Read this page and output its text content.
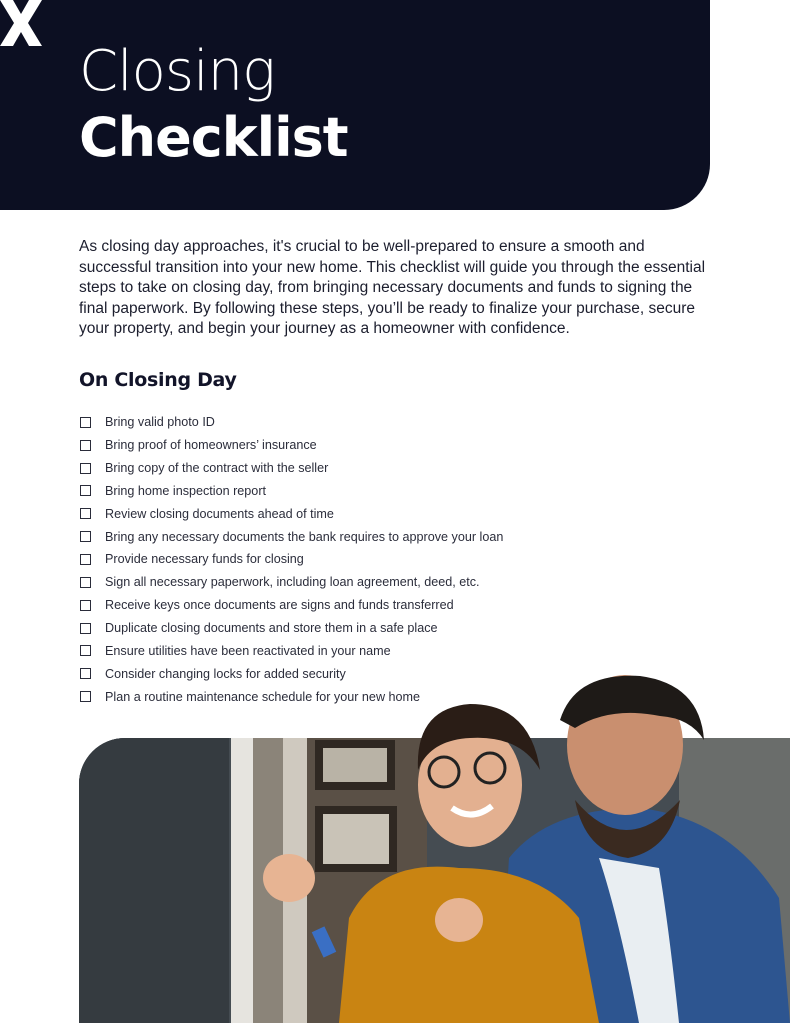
Closing
Checklist

As closing day approaches, it's crucial to be well-prepared to ensure a smooth and successful transition into your new home. This checklist will guide you through the essential steps to take on closing day, from bringing necessary documents and funds to signing the final paperwork. By following these steps, you’ll be ready to finalize your purchase, secure your property, and begin your journey as a homeowner with confidence.

On Closing Day
Bring valid photo ID
Bring proof of homeowners’ insurance
Bring copy of the contract with the seller
Bring home inspection report
Review closing documents ahead of time
Bring any necessary documents the bank requires to approve your loan
Provide necessary funds for closing
Sign all necessary paperwork, including loan agreement, deed, etc.
Receive keys once documents are signs and funds transferred
Duplicate closing documents and store them in a safe place
Ensure utilities have been reactivated in your name
Consider changing locks for added security
Plan a routine maintenance schedule for your new home
